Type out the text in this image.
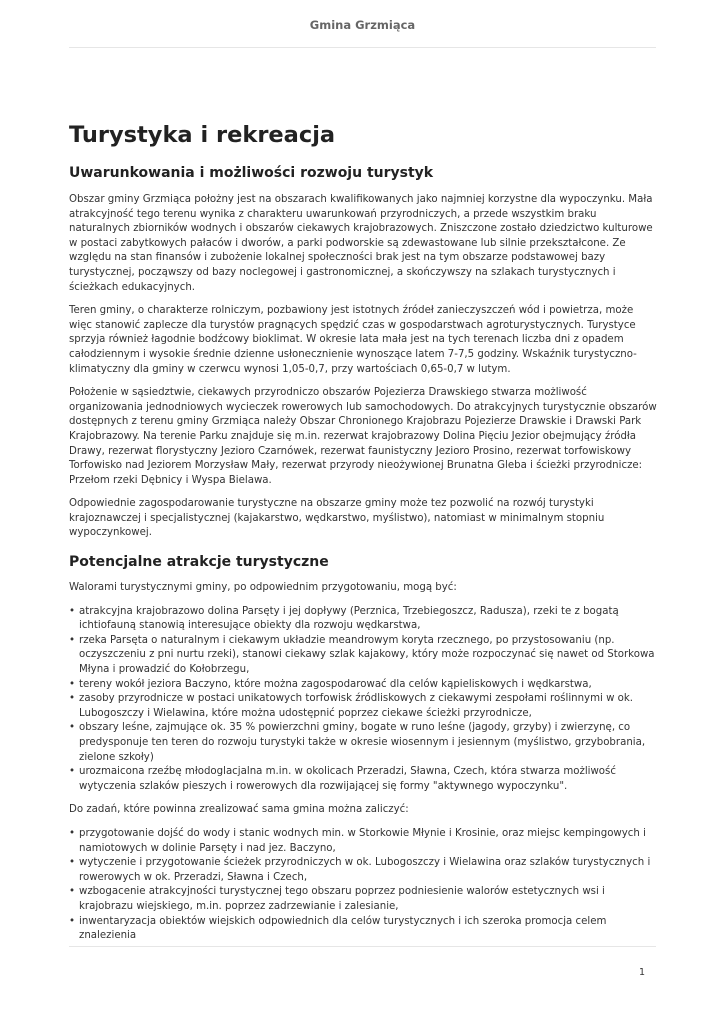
Gmina Grzmiąca
Turystyka i rekreacja
Uwarunkowania i możliwości rozwoju turystyk

Obszar gminy Grzmiąca położny jest na obszarach kwalifikowanych jako najmniej korzystne dla wypoczynku. Mała atrakcyjność tego terenu wynika z charakteru uwarunkowań przyrodniczych, a przede wszystkim braku naturalnych zbiorników wodnych i obszarów ciekawych krajobrazowych. Zniszczone zostało dziedzictwo kulturowe w postaci zabytkowych pałaców i dworów, a parki podworskie są zdewastowane lub silnie przekształcone. Ze względu na stan finansów i zubożenie lokalnej społeczności brak jest na tym obszarze podstawowej bazy turystycznej, począwszy od bazy noclegowej i gastronomicznej, a skończywszy na szlakach turystycznych i ścieżkach edukacyjnych.

Teren gminy, o charakterze rolniczym, pozbawiony jest istotnych źródeł zanieczyszczeń wód i powietrza, może więc stanowić zaplecze dla turystów pragnących spędzić czas w gospodarstwach agroturystycznych. Turystyce sprzyja również łagodnie bodźcowy bioklimat. W okresie lata mała jest na tych terenach liczba dni z opadem całodziennym i wysokie średnie dzienne usłonecznienie wynoszące latem 7-7,5 godziny. Wskaźnik turystyczno-klimatyczny dla gminy w czerwcu wynosi 1,05-0,7, przy wartościach 0,65-0,7 w lutym.

Położenie w sąsiedztwie, ciekawych przyrodniczo obszarów Pojezierza Drawskiego stwarza możliwość organizowania jednodniowych wycieczek rowerowych lub samochodowych. Do atrakcyjnych turystycznie obszarów dostępnych z terenu gminy Grzmiąca należy Obszar Chronionego Krajobrazu Pojezierze Drawskie i Drawski Park Krajobrazowy. Na terenie Parku znajduje się m.in. rezerwat krajobrazowy Dolina Pięciu Jezior obejmujący źródła Drawy, rezerwat florystyczny Jezioro Czarnówek, rezerwat faunistyczny Jezioro Prosino, rezerwat torfowiskowy Torfowisko nad Jeziorem Morzysław Mały, rezerwat przyrody nieożywionej Brunatna Gleba i ścieżki przyrodnicze: Przełom rzeki Dębnicy i Wyspa Bielawa.

Odpowiednie zagospodarowanie turystyczne na obszarze gminy może tez pozwolić na rozwój turystyki krajoznawczej i specjalistycznej (kajakarstwo, wędkarstwo, myślistwo), natomiast w minimalnym stopniu wypoczynkowej.

Potencjalne atrakcje turystyczne

Walorami turystycznymi gminy, po odpowiednim przygotowaniu, mogą być:

• atrakcyjna krajobrazowo dolina Parsęty i jej dopływy (Perznica, Trzebiegoszcz, Radusza), rzeki te z bogatą ichtiofauną stanowią interesujące obiekty dla rozwoju wędkarstwa,
• rzeka Parsęta o naturalnym i ciekawym układzie meandrowym koryta rzecznego, po przystosowaniu (np. oczyszczeniu z pni nurtu rzeki), stanowi ciekawy szlak kajakowy, który może rozpoczynać się nawet od Storkowa Młyna i prowadzić do Kołobrzegu,
• tereny wokół jeziora Baczyno, które można zagospodarować dla celów kąpieliskowych i wędkarstwa,
• zasoby przyrodnicze w postaci unikatowych torfowisk źródliskowych z ciekawymi zespołami roślinnymi w ok. Lubogoszczy i Wielawina, które można udostępnić poprzez ciekawe ścieżki przyrodnicze,
• obszary leśne, zajmujące ok. 35 % powierzchni gminy, bogate w runo leśne (jagody, grzyby) i zwierzynę, co predysponuje ten teren do rozwoju turystyki także w okresie wiosennym i jesiennym (myślistwo, grzybobrania, zielone szkoły)
• urozmaicona rzeźbę młodoglacjalna m.in. w okolicach Przeradzi, Sławna, Czech, która stwarza możliwość wytyczenia szlaków pieszych i rowerowych dla rozwijającej się formy "aktywnego wypoczynku".

Do zadań, które powinna zrealizować sama gmina można zaliczyć:

• przygotowanie dojść do wody i stanic wodnych min. w Storkowie Młynie i Krosinie, oraz miejsc kempingowych i namiotowych w dolinie Parsęty i nad jez. Baczyno,
• wytyczenie i przygotowanie ścieżek przyrodniczych w ok. Lubogoszczy i Wielawina oraz szlaków turystycznych i rowerowych w ok. Przeradzi, Sławna i Czech,
• wzbogacenie atrakcyjności turystycznej tego obszaru poprzez podniesienie walorów estetycznych wsi i krajobrazu wiejskiego, m.in. poprzez zadrzewianie i zalesianie,
• inwentaryzacja obiektów wiejskich odpowiednich dla celów turystycznych i ich szeroka promocja celem znalezienia
1
